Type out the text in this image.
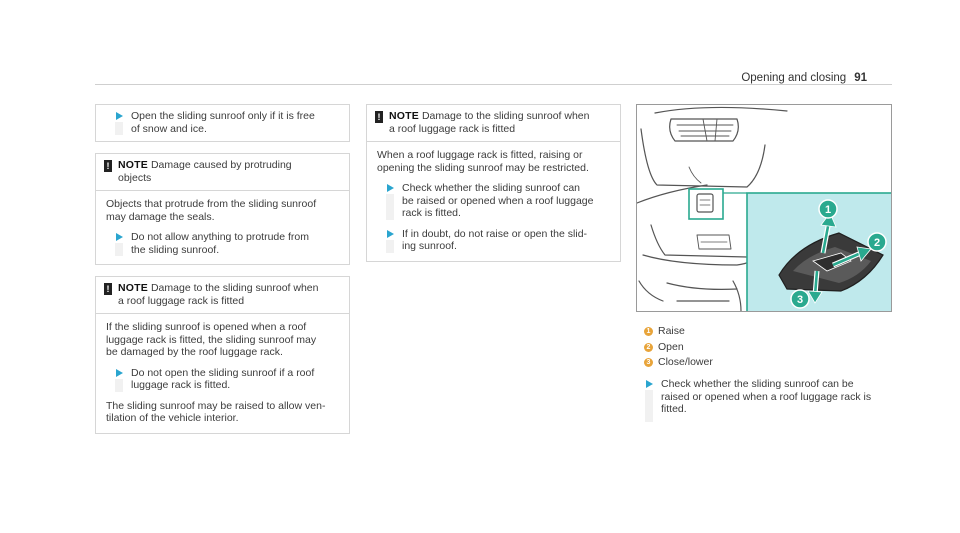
Opening and closing 91
Open the sliding sunroof only if it is free
of snow and ice.
! NOTE Damage caused by protruding
objects
Objects that protrude from the sliding sunroof
may damage the seals.
Do not allow anything to protrude from
the sliding sunroof.
! NOTE Damage to the sliding sunroof when
a roof luggage rack is fitted
If the sliding sunroof is opened when a roof
luggage rack is fitted, the sliding sunroof may
be damaged by the roof luggage rack.
Do not open the sliding sunroof if a roof
luggage rack is fitted.
The sliding sunroof may be raised to allow ven-
tilation of the vehicle interior.
! NOTE Damage to the sliding sunroof when
a roof luggage rack is fitted
When a roof luggage rack is fitted, raising or
opening the sliding sunroof may be restricted.
Check whether the sliding sunroof can
be raised or opened when a roof luggage
rack is fitted.
If in doubt, do not raise or open the slid-
ing sunroof.
1
2
3
1 Raise
2 Open
3 Close/lower
Check whether the sliding sunroof can be
raised or opened when a roof luggage rack is
fitted.
